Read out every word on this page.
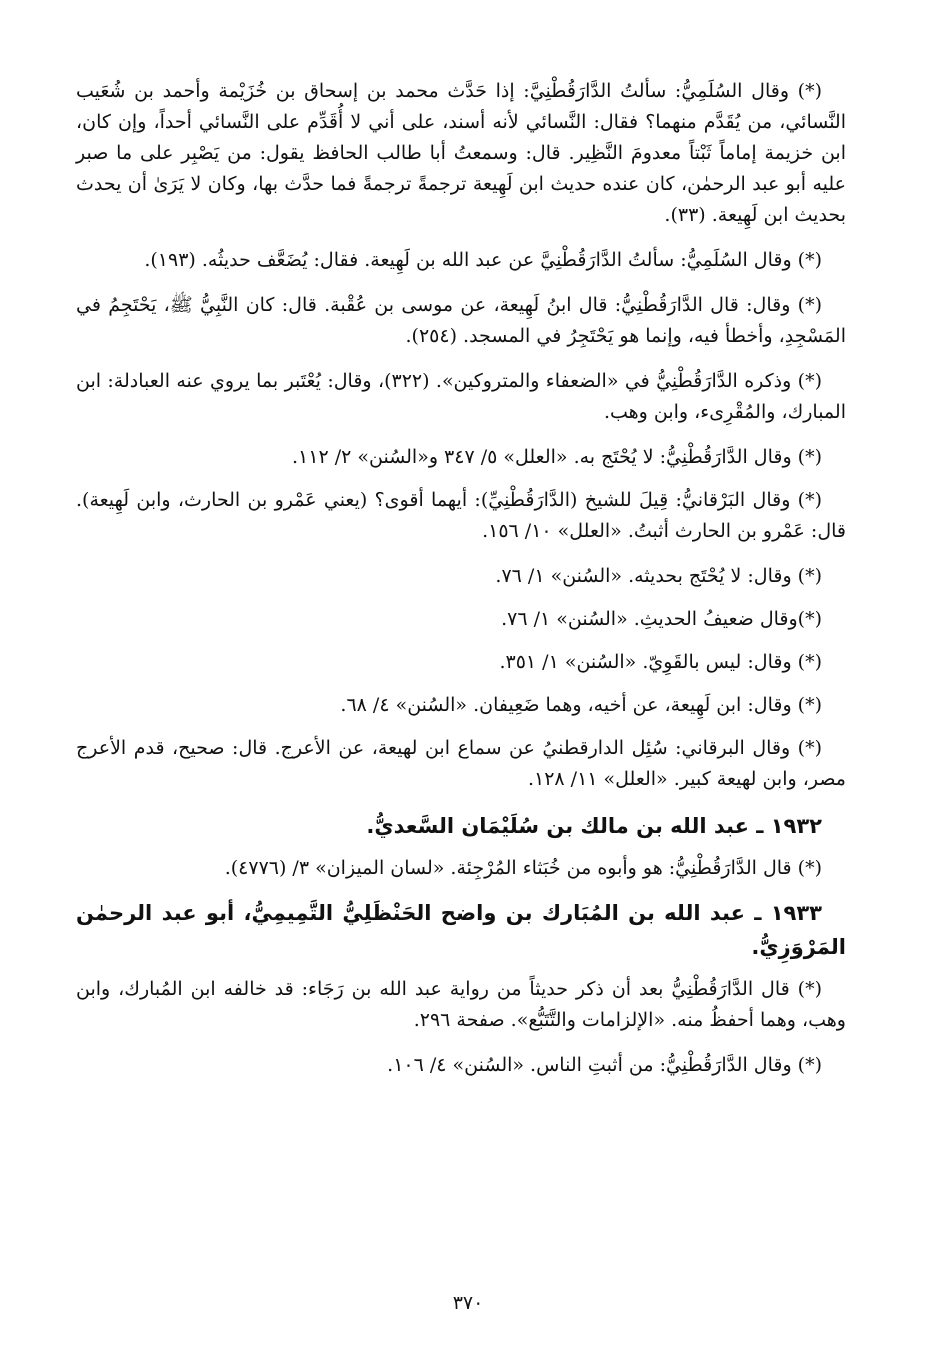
(*) وقال السُلَمِيُّ: سألتُ الدَّارَقُطْنِيَّ: إذا حَدَّث محمد بن إسحاق بن خُزَيْمة وأحمد بن شُعَيب النَّسائي، من يُقَدَّم منهما؟ فقال: النَّسائي لأنه أسند، على أني لا أُقَدِّم على النَّسائي أحداً، وإن كان، ابن خزيمة إماماً ثَبْتاً معدومَ النَّظِير. قال: وسمعتُ أبا طالب الحافظ يقول: من يَصْبِر على ما صبر عليه أبو عبد الرحمٰن، كان عنده حديث ابن لَهِيعة ترجمةً ترجمةً فما حدَّث بها، وكان لا يَرَىٰ أن يحدث بحديث ابن لَهِيعة. (٣٣).

(*) وقال السُلَمِيُّ: سألتُ الدَّارَقُطْنِيَّ عن عبد الله بن لَهِيعة. فقال: يُضَعَّف حديثُه. (١٩٣).

(*) وقال: قال الدَّارَقُطْنِيُّ: قال ابنُ لَهِيعة، عن موسى بن عُقْبة. قال: كان النَّبِيُّ ﷺ، يَحْتَجِمُ في المَسْجِدِ، وأخطأ فيه، وإنما هو يَحْتَجِرُ في المسجد. (٢٥٤).

(*) وذكره الدَّارَقُطْنِيُّ في «الضعفاء والمتروكين». (٣٢٢)، وقال: يُعْتَبر بما يروي عنه العبادلة: ابن المبارك، والمُقْرِىء، وابن وهب.

(*) وقال الدَّارَقُطْنِيُّ: لا يُحْتَج به. «العلل» ٥/ ٣٤٧ و«السُنن» ٢/ ١١٢.

(*) وقال البَرْقانيُّ: قِيلَ للشيخ (الدَّارَقُطْنِيِّ): أيهما أقوى؟ (يعني عَمْرو بن الحارث، وابن لَهِيعة). قال: عَمْرو بن الحارث أثبتُ. «العلل» ١٠/ ١٥٦.

(*) وقال: لا يُحْتَج بحديثه. «السُنن» ١/ ٧٦.

(*)وقال ضعيفُ الحديثِ. «السُنن» ١/ ٧٦.

(*) وقال: ليس بالقَوِيّ. «السُنن» ١/ ٣٥١.

(*) وقال: ابن لَهِيعة، عن أخيه، وهما ضَعِيفان. «السُنن» ٤/ ٦٨.

(*) وقال البرقاني: سُئِل الدارقطنيُ عن سماع ابن لهيعة، عن الأعرج. قال: صحيح، قدم الأعرج مصر، وابن لهيعة كبير. «العلل» ١١/ ١٢٨.

١٩٣٢ ـ عبد الله بن مالك بن سُلَيْمَان السَّعديُّ.

(*) قال الدَّارَقُطْنِيُّ: هو وأبوه من خُبَثاء المُرْجِئة. «لسان الميزان» ٣/ (٤٧٧٦).

١٩٣٣ ـ عبد الله بن المُبَارك بن واضح الحَنْظَلِيُّ التَّمِيمِيُّ، أبو عبد الرحمٰن المَرْوَزِيُّ.

(*) قال الدَّارَقُطْنِيُّ بعد أن ذكر حديثاً من رواية عبد الله بن رَجَاء: قد خالفه ابن المُبارك، وابن وهب، وهما أحفظُ منه. «الإلزامات والتَّتَبُّع». صفحة ٢٩٦.

(*) وقال الدَّارَقُطْنِيُّ: من أثبتِ الناس. «السُنن» ٤/ ١٠٦.

٣٧٠
